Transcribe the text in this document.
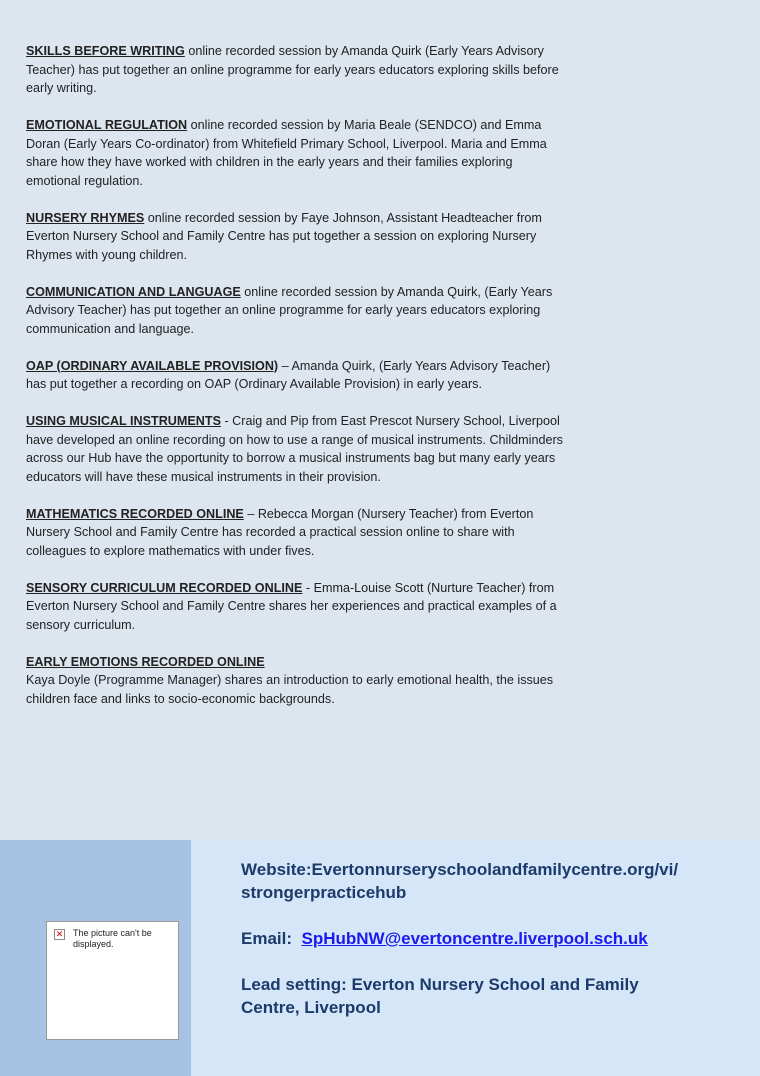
SKILLS BEFORE WRITING online recorded session by Amanda Quirk (Early Years Advisory Teacher) has put together an online programme for early years educators exploring skills before early writing.

EMOTIONAL REGULATION online recorded session by Maria Beale (SENDCO) and Emma Doran (Early Years Co-ordinator) from Whitefield Primary School, Liverpool. Maria and Emma share how they have worked with children in the early years and their families exploring emotional regulation.

NURSERY RHYMES online recorded session by Faye Johnson, Assistant Headteacher from Everton Nursery School and Family Centre has put together a session on exploring Nursery Rhymes with young children.

COMMUNICATION AND LANGUAGE online recorded session by Amanda Quirk, (Early Years Advisory Teacher) has put together an online programme for early years educators exploring communication and language.

OAP (ORDINARY AVAILABLE PROVISION) – Amanda Quirk, (Early Years Advisory Teacher) has put together a recording on OAP (Ordinary Available Provision) in early years.

USING MUSICAL INSTRUMENTS - Craig and Pip from East Prescot Nursery School, Liverpool have developed an online recording on how to use a range of musical instruments. Childminders across our Hub have the opportunity to borrow a musical instruments bag but many early years educators will have these musical instruments in their provision.

MATHEMATICS RECORDED ONLINE – Rebecca Morgan (Nursery Teacher) from Everton Nursery School and Family Centre has recorded a practical session online to share with colleagues to explore mathematics with under fives.

SENSORY CURRICULUM RECORDED ONLINE - Emma-Louise Scott (Nurture Teacher) from Everton Nursery School and Family Centre shares her experiences and practical examples of a sensory curriculum.

EARLY EMOTIONS RECORDED ONLINE
Kaya Doyle (Programme Manager) shares an introduction to early emotional health, the issues children face and links to socio-economic backgrounds.

✕ The picture can't be displayed.

Website:Evertonnurseryschoolandfamilycentre.org/vi/

strongerpracticehub

Email: SpHubNW@evertoncentre.liverpool.sch.uk

Lead setting: Everton Nursery School and Family

Centre, Liverpool
